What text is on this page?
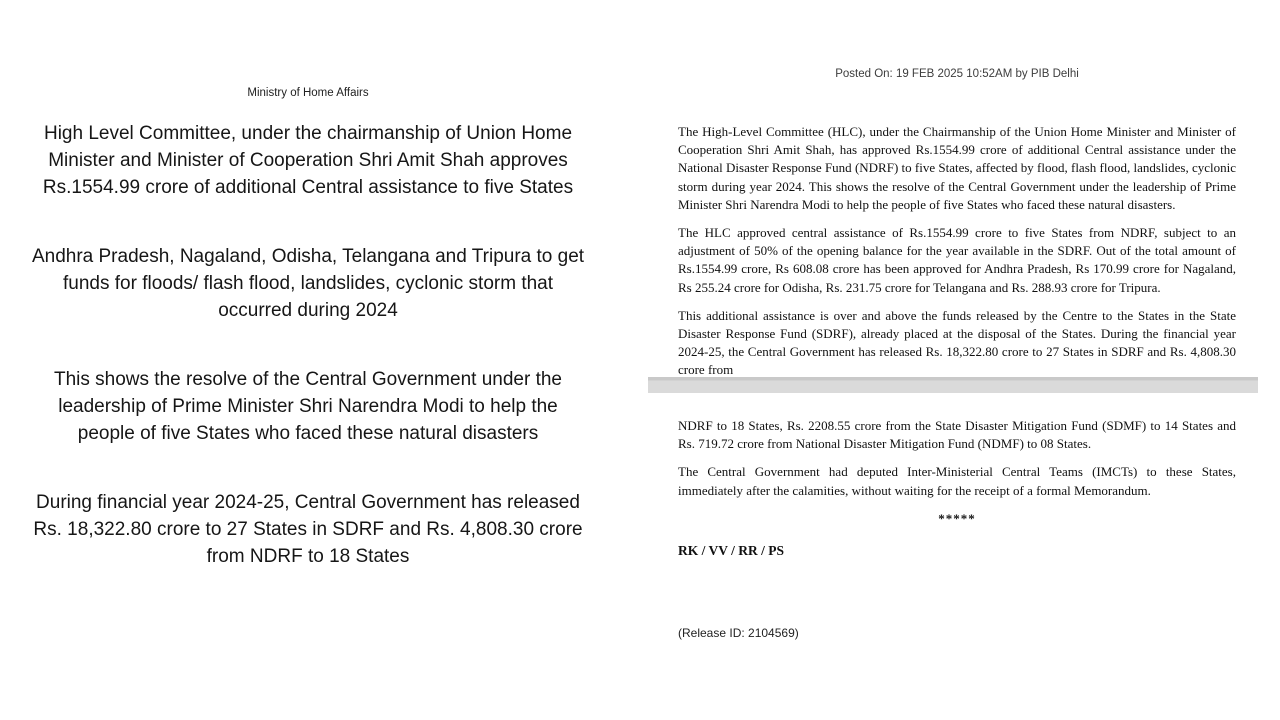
Ministry of Home Affairs
High Level Committee, under the chairmanship of Union Home Minister and Minister of Cooperation Shri Amit Shah approves Rs.1554.99 crore of additional Central assistance to five States
Andhra Pradesh, Nagaland, Odisha, Telangana and Tripura to get funds for floods/ flash flood, landslides, cyclonic storm that occurred during 2024
This shows the resolve of the Central Government under the leadership of Prime Minister Shri Narendra Modi to help the people of five States who faced these natural disasters
During financial year 2024-25, Central Government has released Rs. 18,322.80 crore to 27 States in SDRF and Rs. 4,808.30 crore from NDRF to 18 States
Posted On: 19 FEB 2025 10:52AM by PIB Delhi

The High-Level Committee (HLC), under the Chairmanship of the Union Home Minister and Minister of Cooperation Shri Amit Shah, has approved Rs.1554.99 crore of additional Central assistance under the National Disaster Response Fund (NDRF) to five States, affected by flood, flash flood, landslides, cyclonic storm during year 2024. This shows the resolve of the Central Government under the leadership of Prime Minister Shri Narendra Modi to help the people of five States who faced these natural disasters.

The HLC approved central assistance of Rs.1554.99 crore to five States from NDRF, subject to an adjustment of 50% of the opening balance for the year available in the SDRF. Out of the total amount of Rs.1554.99 crore, Rs 608.08 crore has been approved for Andhra Pradesh, Rs 170.99 crore for Nagaland, Rs 255.24 crore for Odisha, Rs. 231.75 crore for Telangana and Rs. 288.93 crore for Tripura.

This additional assistance is over and above the funds released by the Centre to the States in the State Disaster Response Fund (SDRF), already placed at the disposal of the States. During the financial year 2024-25, the Central Government has released Rs. 18,322.80 crore to 27 States in SDRF and Rs. 4,808.30 crore from

NDRF to 18 States, Rs. 2208.55 crore from the State Disaster Mitigation Fund (SDMF) to 14 States and Rs. 719.72 crore from National Disaster Mitigation Fund (NDMF) to 08 States.

The Central Government had deputed Inter-Ministerial Central Teams (IMCTs) to these States, immediately after the calamities, without waiting for the receipt of a formal Memorandum.

*****
RK / VV / RR / PS
(Release ID: 2104569)
